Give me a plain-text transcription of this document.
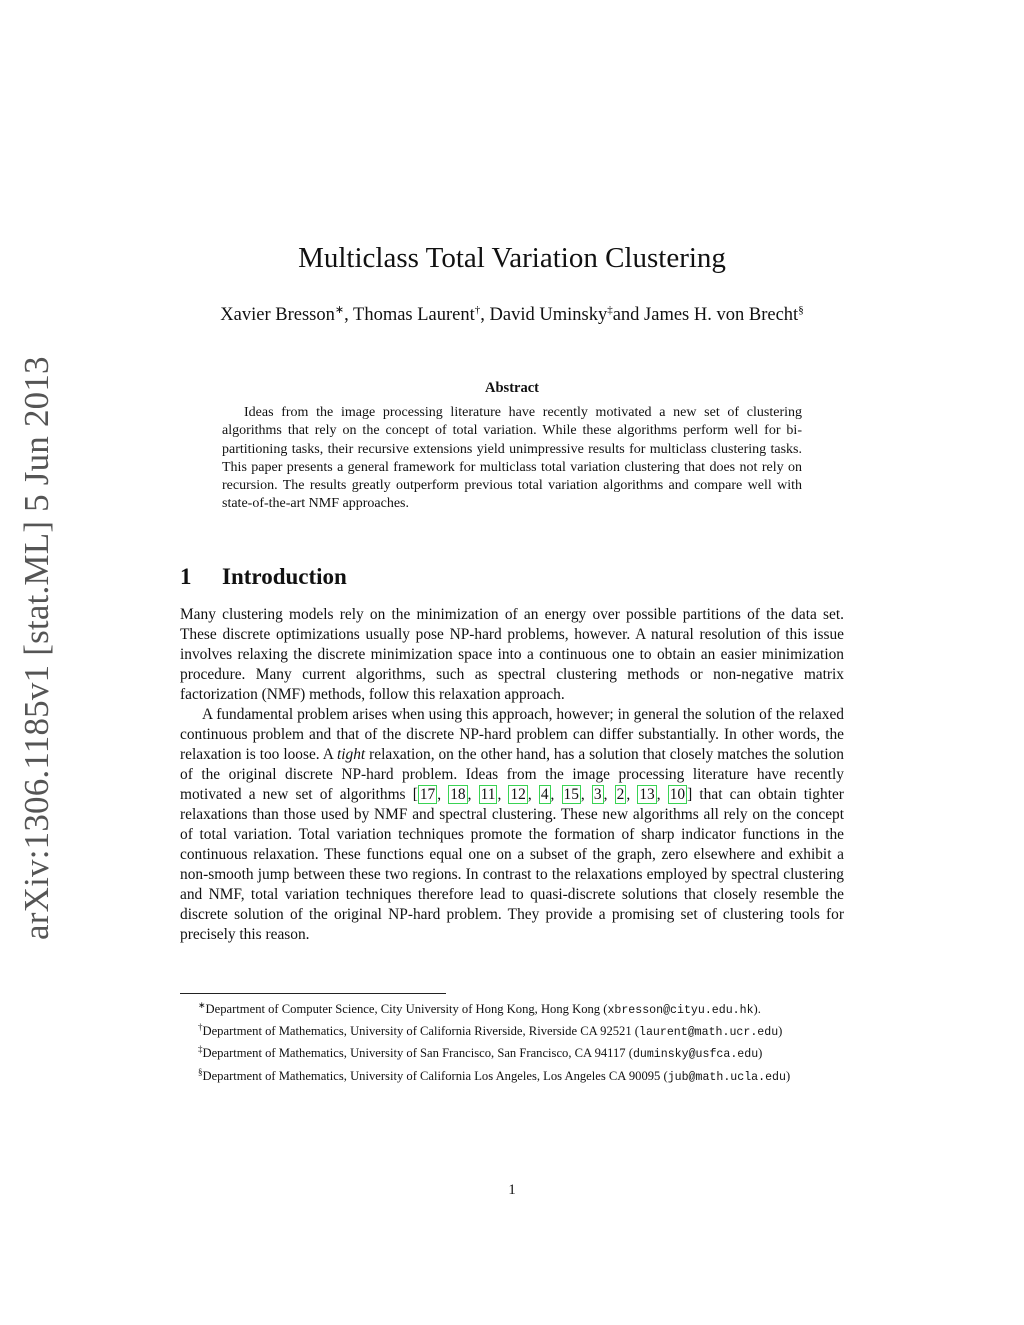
arXiv:1306.1185v1 [stat.ML] 5 Jun 2013
Multiclass Total Variation Clustering
Xavier Bresson∗, Thomas Laurent†, David Uminsky‡and James H. von Brecht§
Abstract

Ideas from the image processing literature have recently motivated a new set of clustering algorithms that rely on the concept of total variation. While these algorithms perform well for bi-partitioning tasks, their recursive extensions yield unimpressive results for multiclass clustering tasks. This paper presents a general framework for multiclass total variation clustering that does not rely on recursion. The results greatly outperform previous total variation algorithms and compare well with state-of-the-art NMF approaches.

1 Introduction

Many clustering models rely on the minimization of an energy over possible partitions of the data set. These discrete optimizations usually pose NP-hard problems, however. A natural resolution of this issue involves relaxing the discrete minimization space into a continuous one to obtain an easier minimization procedure. Many current algorithms, such as spectral clustering methods or non-negative matrix factorization (NMF) methods, follow this relaxation approach.

A fundamental problem arises when using this approach, however; in general the solution of the relaxed continuous problem and that of the discrete NP-hard problem can differ substantially. In other words, the relaxation is too loose. A tight relaxation, on the other hand, has a solution that closely matches the solution of the original discrete NP-hard problem. Ideas from the image processing literature have recently motivated a new set of algorithms [ 17 , 18 , 11 , 12 , 4 , 15 , 3 , 2 , 13 , 10 ] that can obtain tighter relaxations than those used by NMF and spectral clustering. These new algorithms all rely on the concept of total variation. Total variation techniques promote the formation of sharp indicator functions in the continuous relaxation. These functions equal one on a subset of the graph, zero elsewhere and exhibit a non-smooth jump between these two regions. In contrast to the relaxations employed by spectral clustering and NMF, total variation techniques therefore lead to quasi-discrete solutions that closely resemble the discrete solution of the original NP-hard problem. They provide a promising set of clustering tools for precisely this reason.

∗Department of Computer Science, City University of Hong Kong, Hong Kong (xbresson@cityu.edu.hk).

†Department of Mathematics, University of California Riverside, Riverside CA 92521 (laurent@math.ucr.edu)

‡Department of Mathematics, University of San Francisco, San Francisco, CA 94117 (duminsky@usfca.edu)

§Department of Mathematics, University of California Los Angeles, Los Angeles CA 90095 (jub@math.ucla.edu)

1
